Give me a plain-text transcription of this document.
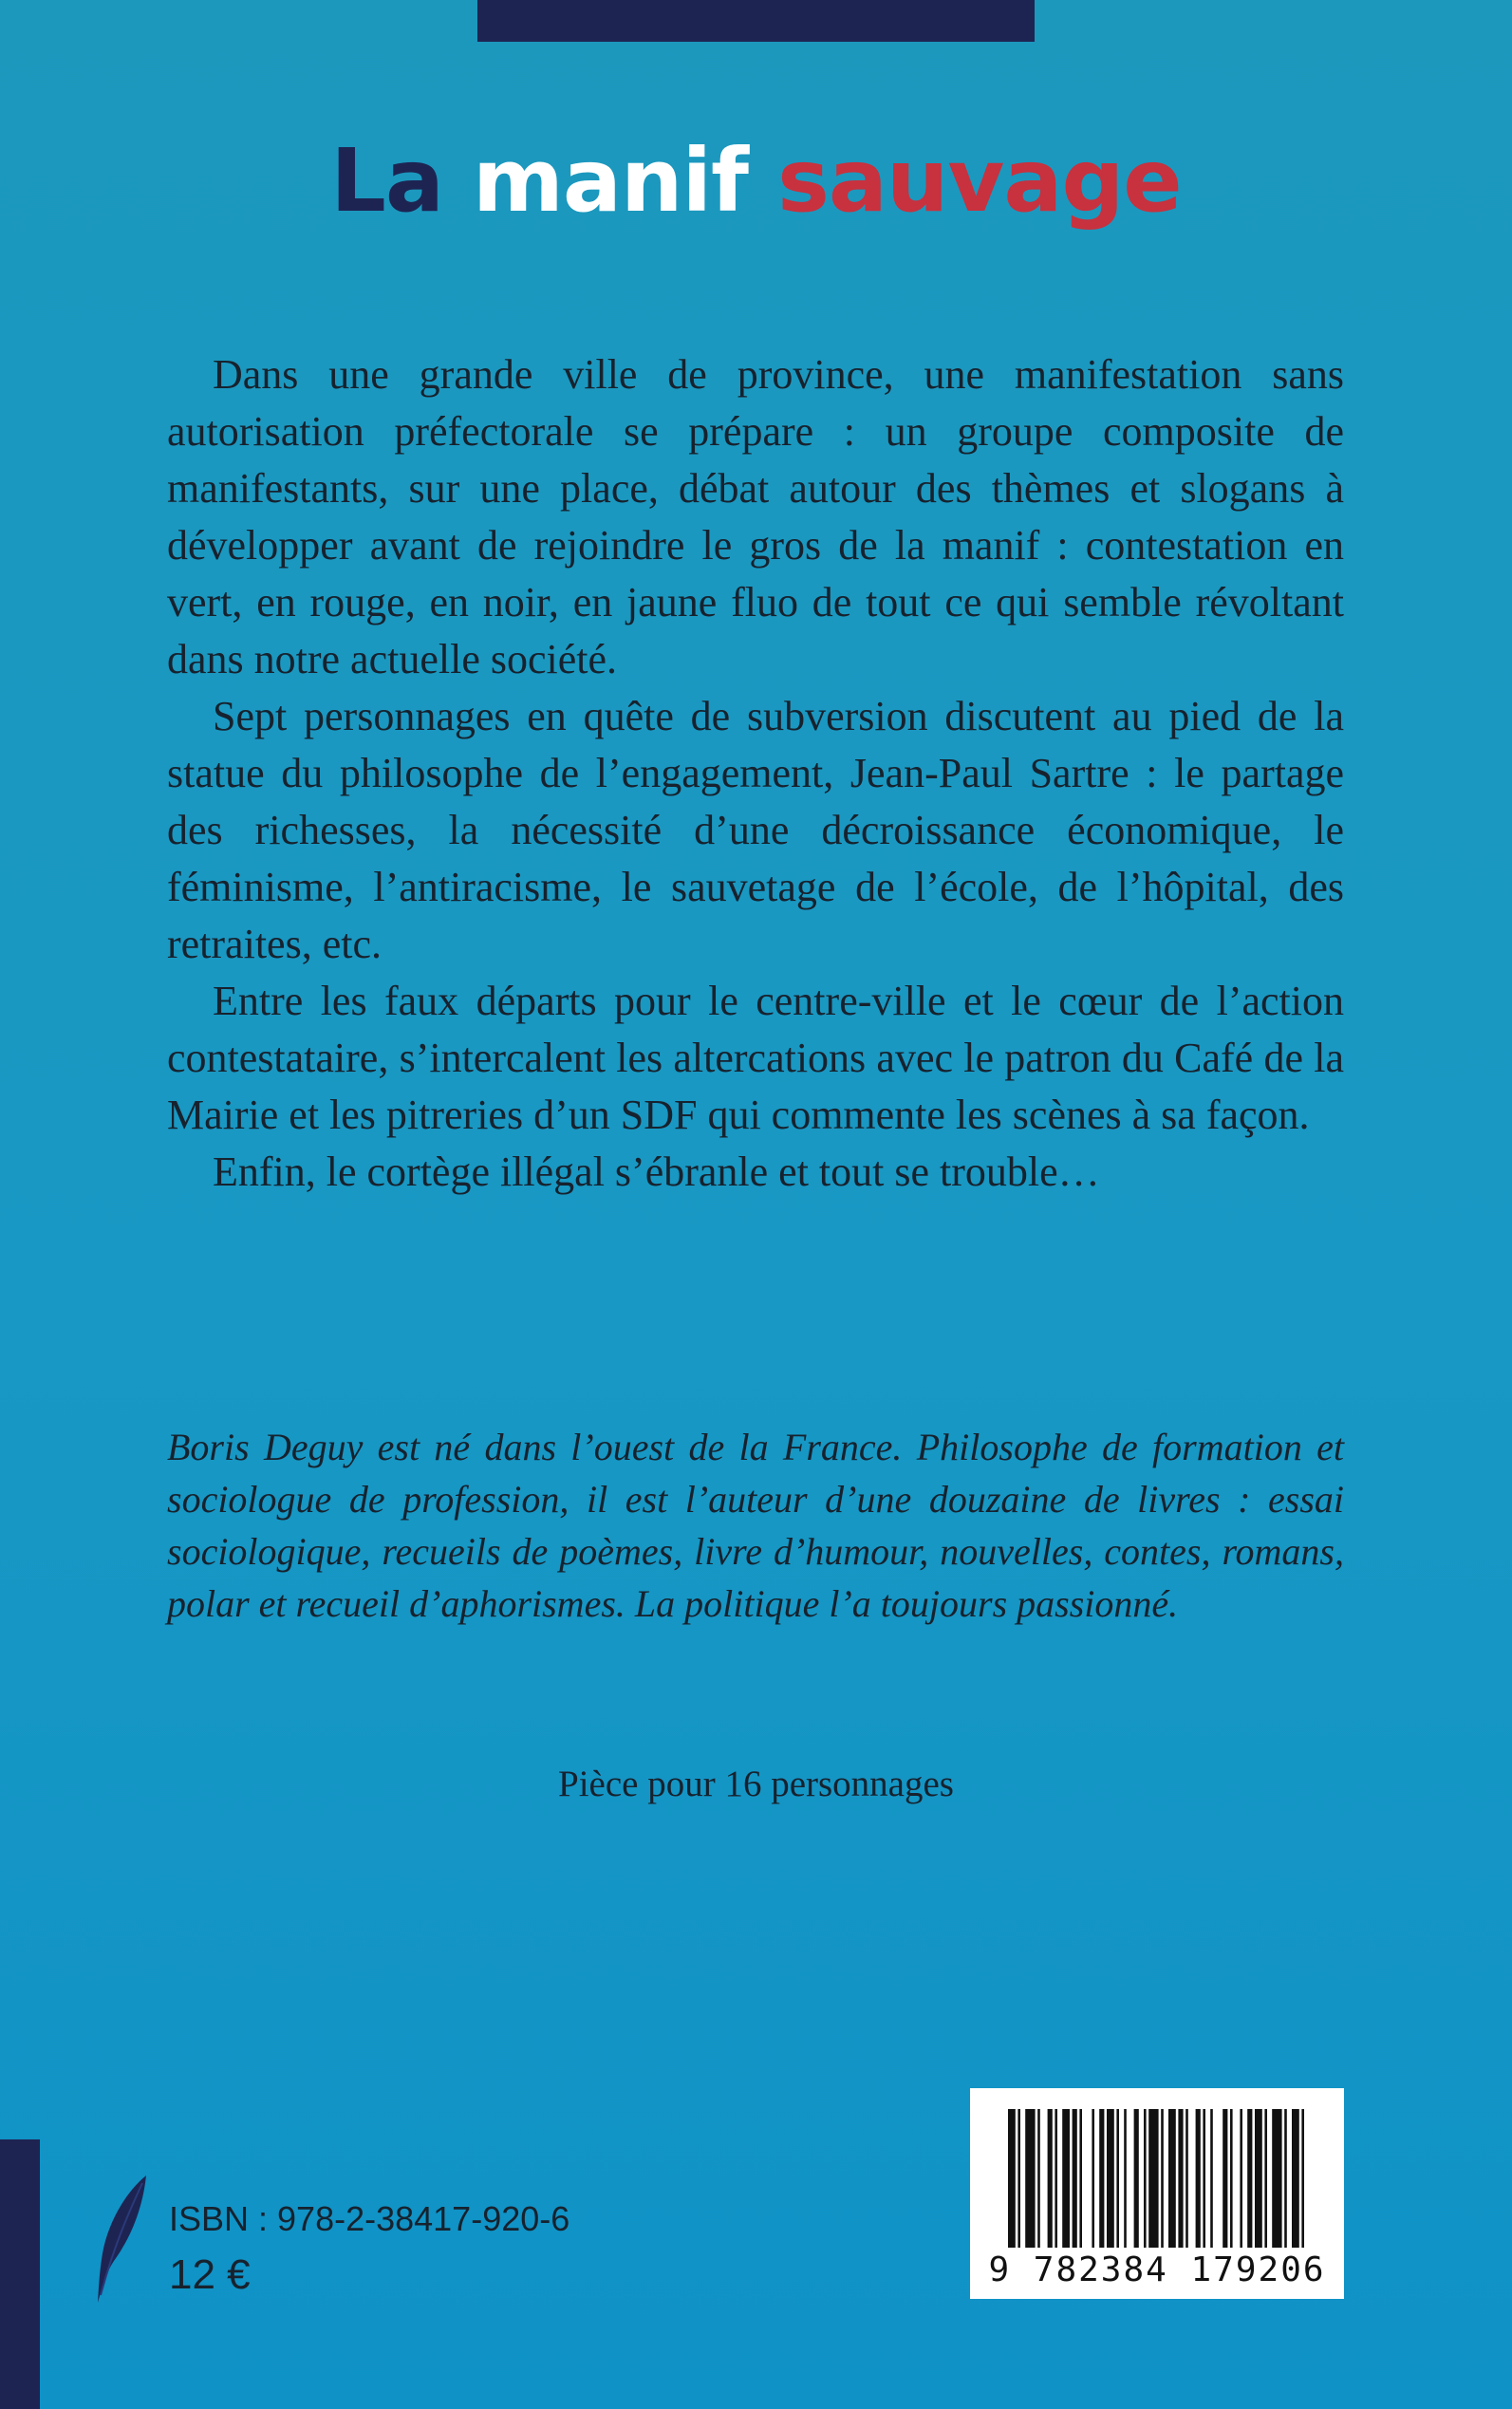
La manif sauvage

Dans une grande ville de province, une manifestation sans autorisation préfectorale se prépare : un groupe composite de manifestants, sur une place, débat autour des thèmes et slogans à développer avant de rejoindre le gros de la manif : contestation en vert, en rouge, en noir, en jaune fluo de tout ce qui semble révoltant dans notre actuelle société.

Sept personnages en quête de subversion discutent au pied de la statue du philosophe de l’engagement, Jean-Paul Sartre : le partage des richesses, la nécessité d’une décroissance économique, le féminisme, l’antiracisme, le sauvetage de l’école, de l’hôpital, des retraites, etc.

Entre les faux départs pour le centre-ville et le cœur de l’action contestataire, s’intercalent les altercations avec le patron du Café de la Mairie et les pitreries d’un SDF qui commente les scènes à sa façon.

Enfin, le cortège illégal s’ébranle et tout se trouble…

Boris Deguy est né dans l’ouest de la France. Philosophe de formation et sociologue de profession, il est l’auteur d’une douzaine de livres : essai sociologique, recueils de poèmes, livre d’humour, nouvelles, contes, romans, polar et recueil d’aphorismes. La politique l’a toujours passionné.

Pièce pour 16 personnages

ISBN : 978-2-38417-920-6

12 €	9 782384 179206
